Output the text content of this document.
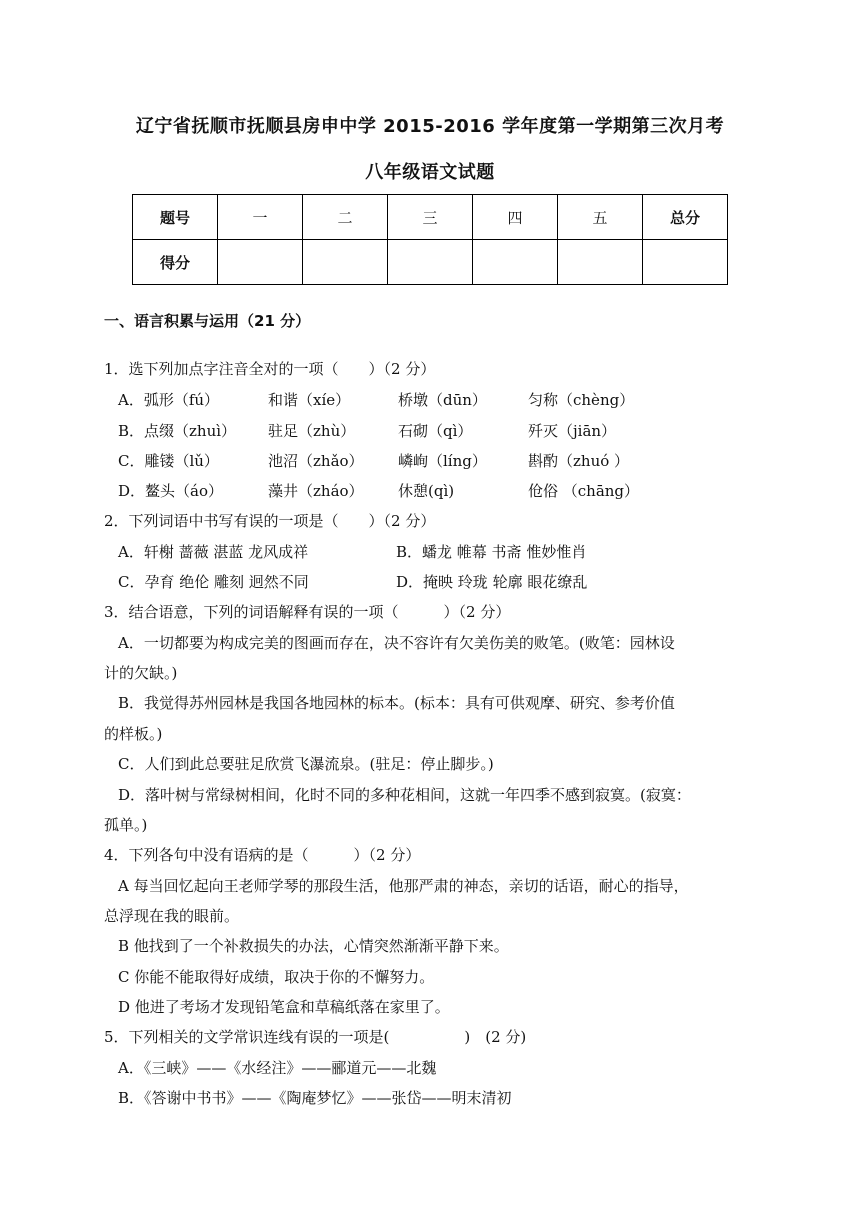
辽宁省抚顺市抚顺县房申中学 2015-2016 学年度第一学期第三次月考
八年级语文试题
题号	一	二	三	四	五	总分
得分						
一、语言积累与运用（21 分）
1．选下列加点字注音全对的一项（　　）（2 分）
A．弧形（fú）	和谐（xíe）	桥墩（dūn）	匀称（chèng）
B．点缀（zhuì） 驻足（zhù）	石砌（qì）	歼灭（jiān）
C．雕镂（lǔ）	池沼（zhǎo） 嶙峋（líng）	斟酌（zhuó ）
D．鳌头（áo）	藻井（zháo） 休憩(qì)	伧俗 （chāng）
2．下列词语中书写有误的一项是（　　）（2 分）
A．轩榭 蔷薇 湛蓝 龙风成祥	B．蟠龙 帷幕 书斋 惟妙惟肖
C．孕育 绝伦 雕刻 迥然不同	D．掩映 玲珑 轮廓 眼花缭乱
3．结合语意，下列的词语解释有误的一项（　　　）（2 分）
A．一切都要为构成完美的图画而存在，决不容许有欠美伤美的败笔。(败笔：园林设
计的欠缺。)
B．我觉得苏州园林是我国各地园林的标本。(标本：具有可供观摩、研究、参考价值
的样板。)
C．人们到此总要驻足欣赏飞瀑流泉。(驻足：停止脚步。)
D．落叶树与常绿树相间，化时不同的多种花相间，这就一年四季不感到寂寞。(寂寞：
孤单。)
4．下列各句中没有语病的是（　　　）（2 分）
A 每当回忆起向王老师学琴的那段生活，他那严肃的神态，亲切的话语，耐心的指导，
总浮现在我的眼前。
B 他找到了一个补救损失的办法，心情突然渐渐平静下来。
C 你能不能取得好成绩，取决于你的不懈努力。
D 他进了考场才发现铅笔盒和草稿纸落在家里了。
5．下列相关的文学常识连线有误的一项是(　　　　　)　(2 分)
A．《三峡》——《水经注》——郦道元——北魏
B．《答谢中书书》——《陶庵梦忆》——张岱——明末清初
